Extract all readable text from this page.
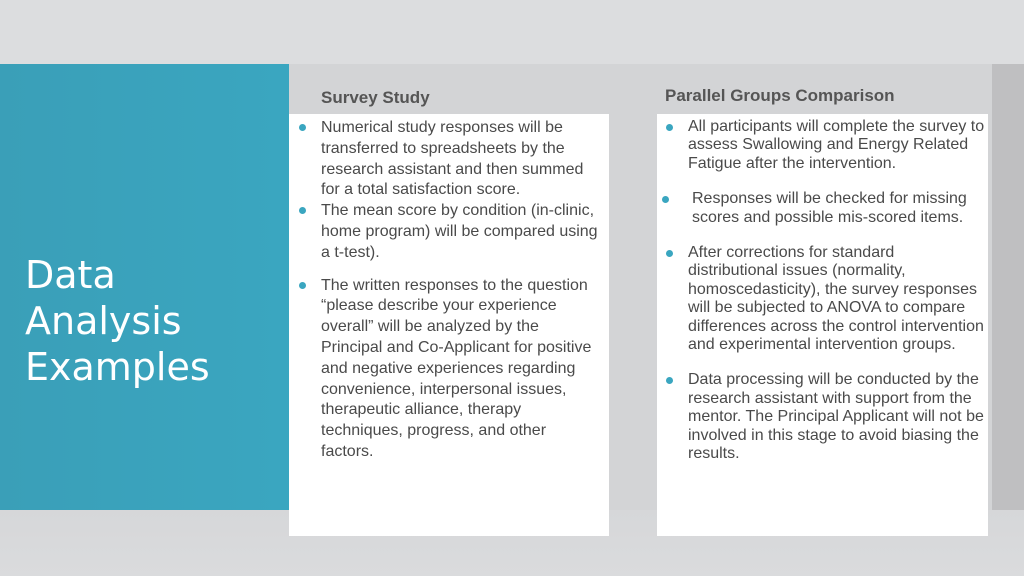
Data
Analysis
Examples
Survey Study	Parallel Groups Comparison
Numerical study responses will be transferred to spreadsheets by the research assistant and then summed for a total satisfaction score.
The mean score by condition (in-clinic, home program) will be compared using a t-test).
The written responses to the question “please describe your experience overall” will be analyzed by the Principal and Co-Applicant for positive and negative experiences regarding convenience, interpersonal issues, therapeutic alliance, therapy techniques, progress, and other factors.
All participants will complete the survey to assess Swallowing and Energy Related Fatigue after the intervention.
Responses will be checked for missing scores and possible mis-scored items.
After corrections for standard distributional issues (normality, homoscedasticity), the survey responses will be subjected to ANOVA to compare differences across the control intervention and experimental intervention groups.
Data processing will be conducted by the research assistant with support from the mentor. The Principal Applicant will not be involved in this stage to avoid biasing the results.
